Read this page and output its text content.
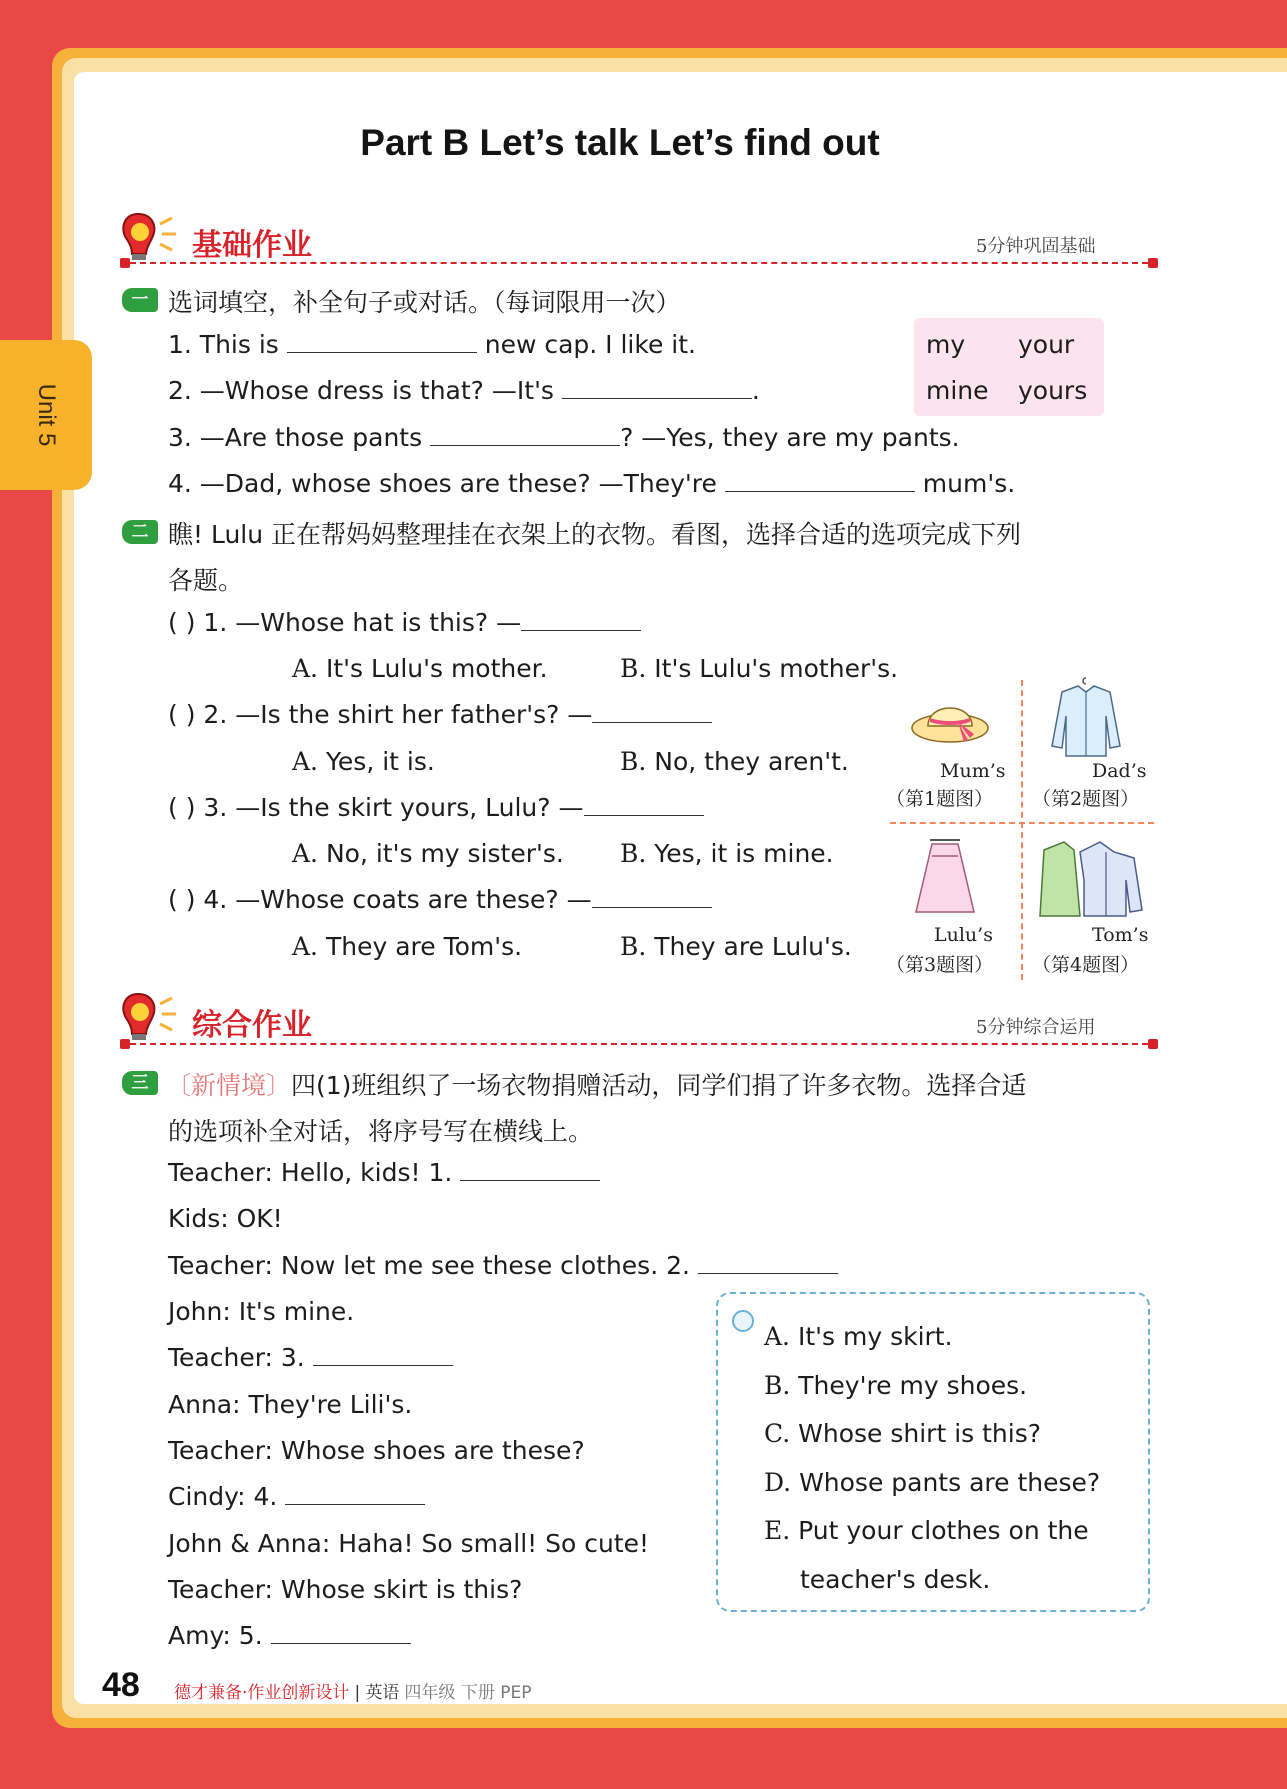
Unit 5
Part B Let’s talk Let’s find out
基础作业	5分钟巩固基础
一 选词填空，补全句子或对话。（每词限用一次）
1. This is	new cap. I like it.
2. —Whose dress is that? —It's	.
3. —Are those pants	? —Yes, they are my pants.
4. —Dad, whose shoes are these? —They're	mum's.
my your
mine yours
二 瞧! Lulu 正在帮妈妈整理挂在衣架上的衣物。看图，选择合适的选项完成下列
各题。
( ) 1. —Whose hat is this? —
A. It's Lulu's mother.	B. It's Lulu's mother's.
( ) 2. —Is the shirt her father's? —
A. Yes, it is.	B. No, they aren't.
( ) 3. —Is the skirt yours, Lulu? —
A. No, it's my sister's. B. Yes, it is mine.
( ) 4. —Whose coats are these? —
A. They are Tom's.	B. They are Lulu's.
Mum’s
（第1题图）
Dad’s
（第2题图）
Lulu’s
（第3题图）
Tom’s
（第4题图）
综合作业	5分钟综合运用
三 〔新情境〕四(1)班组织了一场衣物捐赠活动，同学们捐了许多衣物。选择合适
的选项补全对话，将序号写在横线上。
Teacher: Hello, kids! 1.
Kids: OK!
Teacher: Now let me see these clothes. 2.
John: It's mine.
Teacher: 3.
Anna: They're Lili's.
Teacher: Whose shoes are these?
Cindy: 4.
John & Anna: Haha! So small! So cute!
Teacher: Whose skirt is this?
Amy: 5.
A. It's my skirt.
B. They're my shoes.
C. Whose shirt is this?
D. Whose pants are these?
E. Put your clothes on the
teacher's desk.
48 德才兼备·作业创新设计 | 英语 四年级 下册 PEP
